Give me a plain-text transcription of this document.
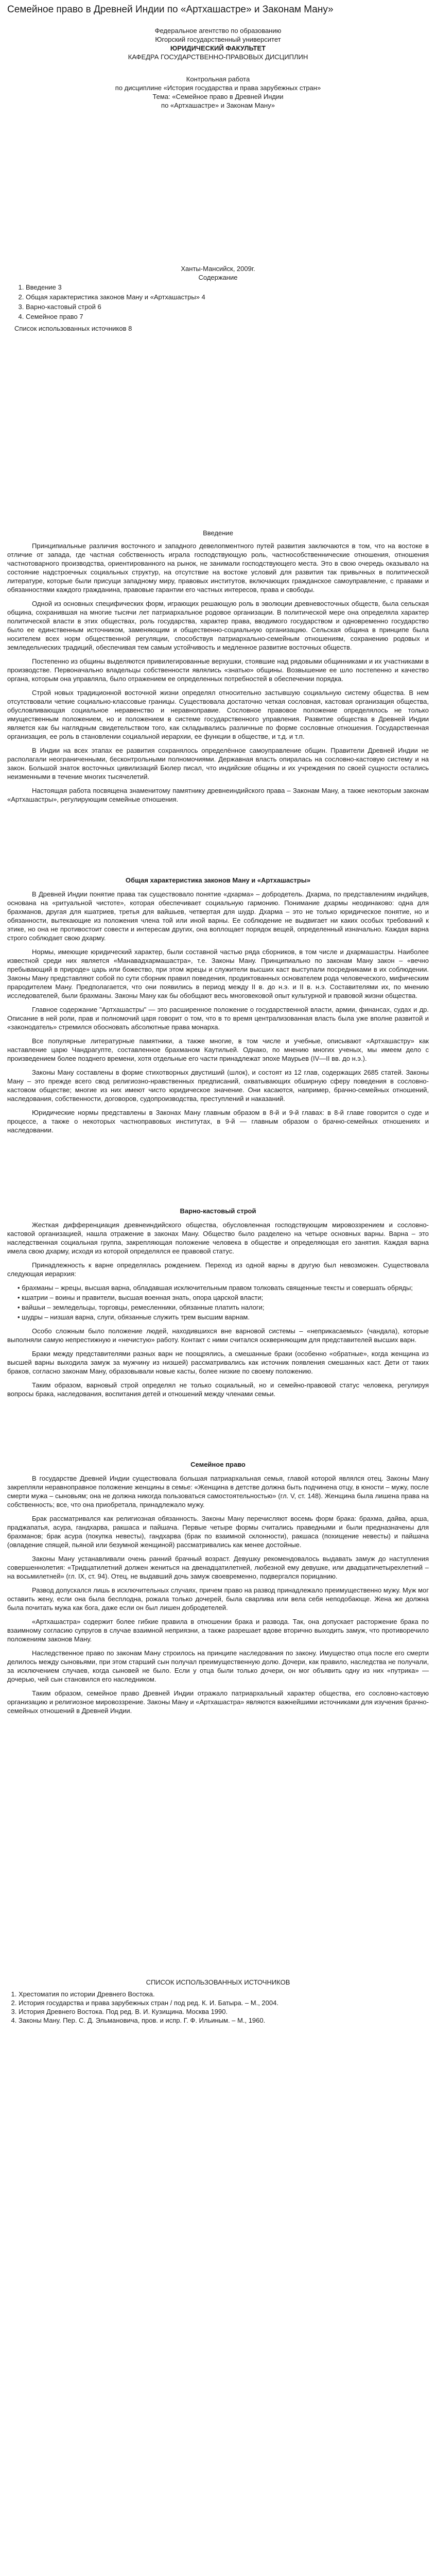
Семейное право в Древней Индии по «Артхашастре» и Законам Ману»

Федеральное агентство по образованию

Югорский государственный университет

ЮРИДИЧЕСКИЙ ФАКУЛЬТЕТ

КАФЕДРА ГОСУДАРСТВЕННО-ПРАВОВЫХ ДИСЦИПЛИН

Контрольная работа

по дисциплине «История государства и права зарубежных стран»

Тема: «Семейное право в Древней Индии

по «Артхашастре» и Законам Ману»

Ханты-Мансийск, 2009г.

Содержание

1. Введение 3
2. Общая характеристика законов Ману и «Артхашастры» 4
3. Варно-кастовый строй 6
4. Семейное право 7

Список использованных источников 8

Введение

Принципиальные различия восточного и западного девелопментного путей развития заключаются в том, что на востоке в отличие от запада, где частная собственность играла господствующую роль, частнособственнические отношения, отношения частнотоварного производства, ориентированного на рынок, не занимали господствующего места. Это в свою очередь оказывало на состояние надстроечных социальных структур, на отсутствие на востоке условий для развития так привычных в политической литературе, которые были присущи западному миру, правовых институтов, включающих гражданское самоуправление, с правами и обязанностями каждого гражданина, правовые гарантии его частных интересов, права и свободы.

Одной из основных специфических форм, играющих решающую роль в эволюции древневосточных обществ, была сельская община, сохранившая на многие тысячи лет патриархальное родовое организации. В политической мере она определяла характер политической власти в этих обществах, роль государства, характер права, вводимого государством и одновременно государство было ее единственным источником, заменяющим и общественно-социальную организацию. Сельская община в принципе была носителем всех норм общественной регуляции, способствуя патриархально-семейным отношениям, сохранению родовых и земледельческих традиций, обеспечивая тем самым устойчивость и медленное развитие восточных обществ.

Постепенно из общины выделяются привилегированные верхушки, стоявшие над рядовыми общинниками и их участниками в производстве. Первоначально владельцы собственности являлись «знатью» общины. Возвышение ее шло постепенно и качество органа, которым она управляла, было отражением ее определенных потребностей в обеспечении порядка.

Строй новых традиционной восточной жизни определял относительно застывшую социальную систему общества. В нем отсутствовали четкие социально-классовые границы. Существовала достаточно четкая сословная, кастовая организация общества, обусловливающая социальное неравенство и неравноправие. Сословное правовое положение определялось не только имущественным положением, но и положением в системе государственного управления. Развитие общества в Древней Индии является как бы наглядным свидетельством того, как складывались различные по форме сословные отношения. Государственная организация, ее роль в становлении социальной иерархии, ее функции в обществе, и т.д. и т.п.

В Индии на всех этапах ее развития сохранялось определённое самоуправление общин. Правители Древней Индии не располагали неограниченными, бесконтрольными полномочиями. Державная власть опиралась на сословно-кастовую систему и на закон. Большой знаток восточных цивилизаций Бюлер писал, что индийские общины и их учреждения по своей сущности остались неизменными в течение многих тысячелетий.

Настоящая работа посвящена знаменитому памятнику древнеиндийского права – Законам Ману, а также некоторым законам «Артхашастры», регулирующим семейные отношения.

Общая характеристика законов Ману и «Артхашастры»

В Древней Индии понятие права так существовало понятие «дхарма» – добродетель. Дхарма, по представлениям индийцев, основана на «ритуальной чистоте», которая обеспечивает социальную гармонию. Понимание дхармы неодинаково: одна для брахманов, другая для кшатриев, третья для вайшьев, четвертая для шудр. Дхарма – это не только юридическое понятие, но и обязанности, вытекающие из положения члена той или иной варны. Ее соблюдение не выдвигает ни каких особых требований к этике, но она не противостоит совести и интересам других, она воплощает порядок вещей, определенный изначально. Каждая варна строго соблюдает свою дхарму.

Нормы, имеющие юридический характер, были составной частью ряда сборников, в том числе и дхармашастры. Наиболее известной среди них является «Манавадхармашастра», т.е. Законы Ману. Принципиально по законам Ману закон – «вечно пребывающий в природе» царь или божество, при этом жрецы и служители высших каст выступали посредниками в их соблюдении. Законы Ману представляют собой по сути сборник правил поведения, продиктованных основателем рода человеческого, мифическим прародителем Ману. Предполагается, что они появились в период между II в. до н.э. и II в. н.э. Составителями их, по мнению исследователей, были брахманы. Законы Ману как бы обобщают весь многовековой опыт культурной и правовой жизни общества.

Главное содержание "Артхашастры" — это расширенное положение о государственной власти, армии, финансах, судах и др. Описание в ней роли, прав и полномочий царя говорит о том, что в то время централизованная власть была уже вполне развитой и «законодатель» стремился обосновать абсолютные права монарха.

Все популярные литературные памятники, а также многие, в том числе и учебные, описывают «Артхашастру» как наставление царю Чандрагупте, составленное брахманом Каутильей. Однако, по мнению многих ученых, мы имеем дело с произведением более позднего времени, хотя отдельные его части принадлежат эпохе Маурьев (IV—II вв. до н.э.).

Законы Ману составлены в форме стихотворных двустиший (шлок), и состоят из 12 глав, содержащих 2685 статей. Законы Ману – это прежде всего свод религиозно-нравственных предписаний, охватывающих обширную сферу поведения в сословно-кастовом обществе; многие из них имеют чисто юридическое значение. Они касаются, например, брачно-семейных отношений, наследования, собственности, договоров, судопроизводства, преступлений и наказаний.

Юридические нормы представлены в Законах Ману главным образом в 8-й и 9-й главах: в 8-й главе говорится о суде и процессе, а также о некоторых частноправовых институтах, в 9-й — главным образом о брачно-семейных отношениях и наследовании.

Варно-кастовый строй

Жесткая дифференциация древнеиндийского общества, обусловленная господствующим мировоззрением и сословно-кастовой организацией, нашла отражение в законах Ману. Общество было разделено на четыре основных варны. Варна – это наследственная социальная группа, закрепляющая положение человека в обществе и определяющая его занятия. Каждая варна имела свою дхарму, исходя из которой определялся ее правовой статус.

Принадлежность к варне определялась рождением. Переход из одной варны в другую был невозможен. Существовала следующая иерархия:

• брахманы – жрецы, высшая варна, обладавшая исключительным правом толковать священные тексты и совершать обряды;

• кшатрии – воины и правители, высшая военная знать, опора царской власти;

• вайшьи – земледельцы, торговцы, ремесленники, обязанные платить налоги;

• шудры – низшая варна, слуги, обязанные служить трем высшим варнам.

Особо сложным было положение людей, находившихся вне варновой системы – «неприкасаемых» (чандала), которые выполняли самую непрестижную и «нечистую» работу. Контакт с ними считался оскверняющим для представителей высших варн.

Браки между представителями разных варн не поощрялись, а смешанные браки (особенно «обратные», когда женщина из высшей варны выходила замуж за мужчину из низшей) рассматривались как источник появления смешанных каст. Дети от таких браков, согласно законам Ману, образовывали новые касты, более низкие по своему положению.

Таким образом, варновый строй определял не только социальный, но и семейно-правовой статус человека, регулируя вопросы брака, наследования, воспитания детей и отношений между членами семьи.

Семейное право

В государстве Древней Индии существовала большая патриархальная семья, главой которой являлся отец. Законы Ману закрепляли неравноправное положение женщины в семье: «Женщина в детстве должна быть подчинена отцу, в юности – мужу, после смерти мужа – сыновьям; она не должна никогда пользоваться самостоятельностью» (гл. V, ст. 148). Женщина была лишена права на собственность; все, что она приобретала, принадлежало мужу.

Брак рассматривался как религиозная обязанность. Законы Ману перечисляют восемь форм брака: брахма, дайва, арша, праджапатья, асура, гандхарва, ракшаса и пайшача. Первые четыре формы считались праведными и были предназначены для брахманов; брак асура (покупка невесты), гандхарва (брак по взаимной склонности), ракшаса (похищение невесты) и пайшача (овладение спящей, пьяной или безумной женщиной) рассматривались как менее достойные.

Законы Ману устанавливали очень ранний брачный возраст. Девушку рекомендовалось выдавать замуж до наступления совершеннолетия: «Тридцатилетний должен жениться на двенадцатилетней, любезной ему девушке, или двадцатичетырехлетний – на восьмилетней» (гл. IX, ст. 94). Отец, не выдавший дочь замуж своевременно, подвергался порицанию.

Развод допускался лишь в исключительных случаях, причем право на развод принадлежало преимущественно мужу. Муж мог оставить жену, если она была бесплодна, рожала только дочерей, была сварлива или вела себя неподобающе. Жена же должна была почитать мужа как бога, даже если он был лишен добродетелей.

«Артхашастра» содержит более гибкие правила в отношении брака и развода. Так, она допускает расторжение брака по взаимному согласию супругов в случае взаимной неприязни, а также разрешает вдове вторично выходить замуж, что противоречило положениям законов Ману.

Наследственное право по законам Ману строилось на принципе наследования по закону. Имущество отца после его смерти делилось между сыновьями, при этом старший сын получал преимущественную долю. Дочери, как правило, наследства не получали, за исключением случаев, когда сыновей не было. Если у отца были только дочери, он мог объявить одну из них «путрика» — дочерью, чей сын становился его наследником.

Таким образом, семейное право Древней Индии отражало патриархальный характер общества, его сословно-кастовую организацию и религиозное мировоззрение. Законы Ману и «Артхашастра» являются важнейшими источниками для изучения брачно-семейных отношений в Древней Индии.

СПИСОК ИСПОЛЬЗОВАННЫХ ИСТОЧНИКОВ

1. Хрестоматия по истории Древнего Востока.
2. История государства и права зарубежных стран / под ред. К. И. Батыра. – М., 2004.
3. История Древнего Востока. Под ред. В. И. Кузищина. Москва 1990.
4. Законы Ману. Пер. С. Д. Эльмановича, пров. и испр. Г. Ф. Ильиным. – М., 1960.
